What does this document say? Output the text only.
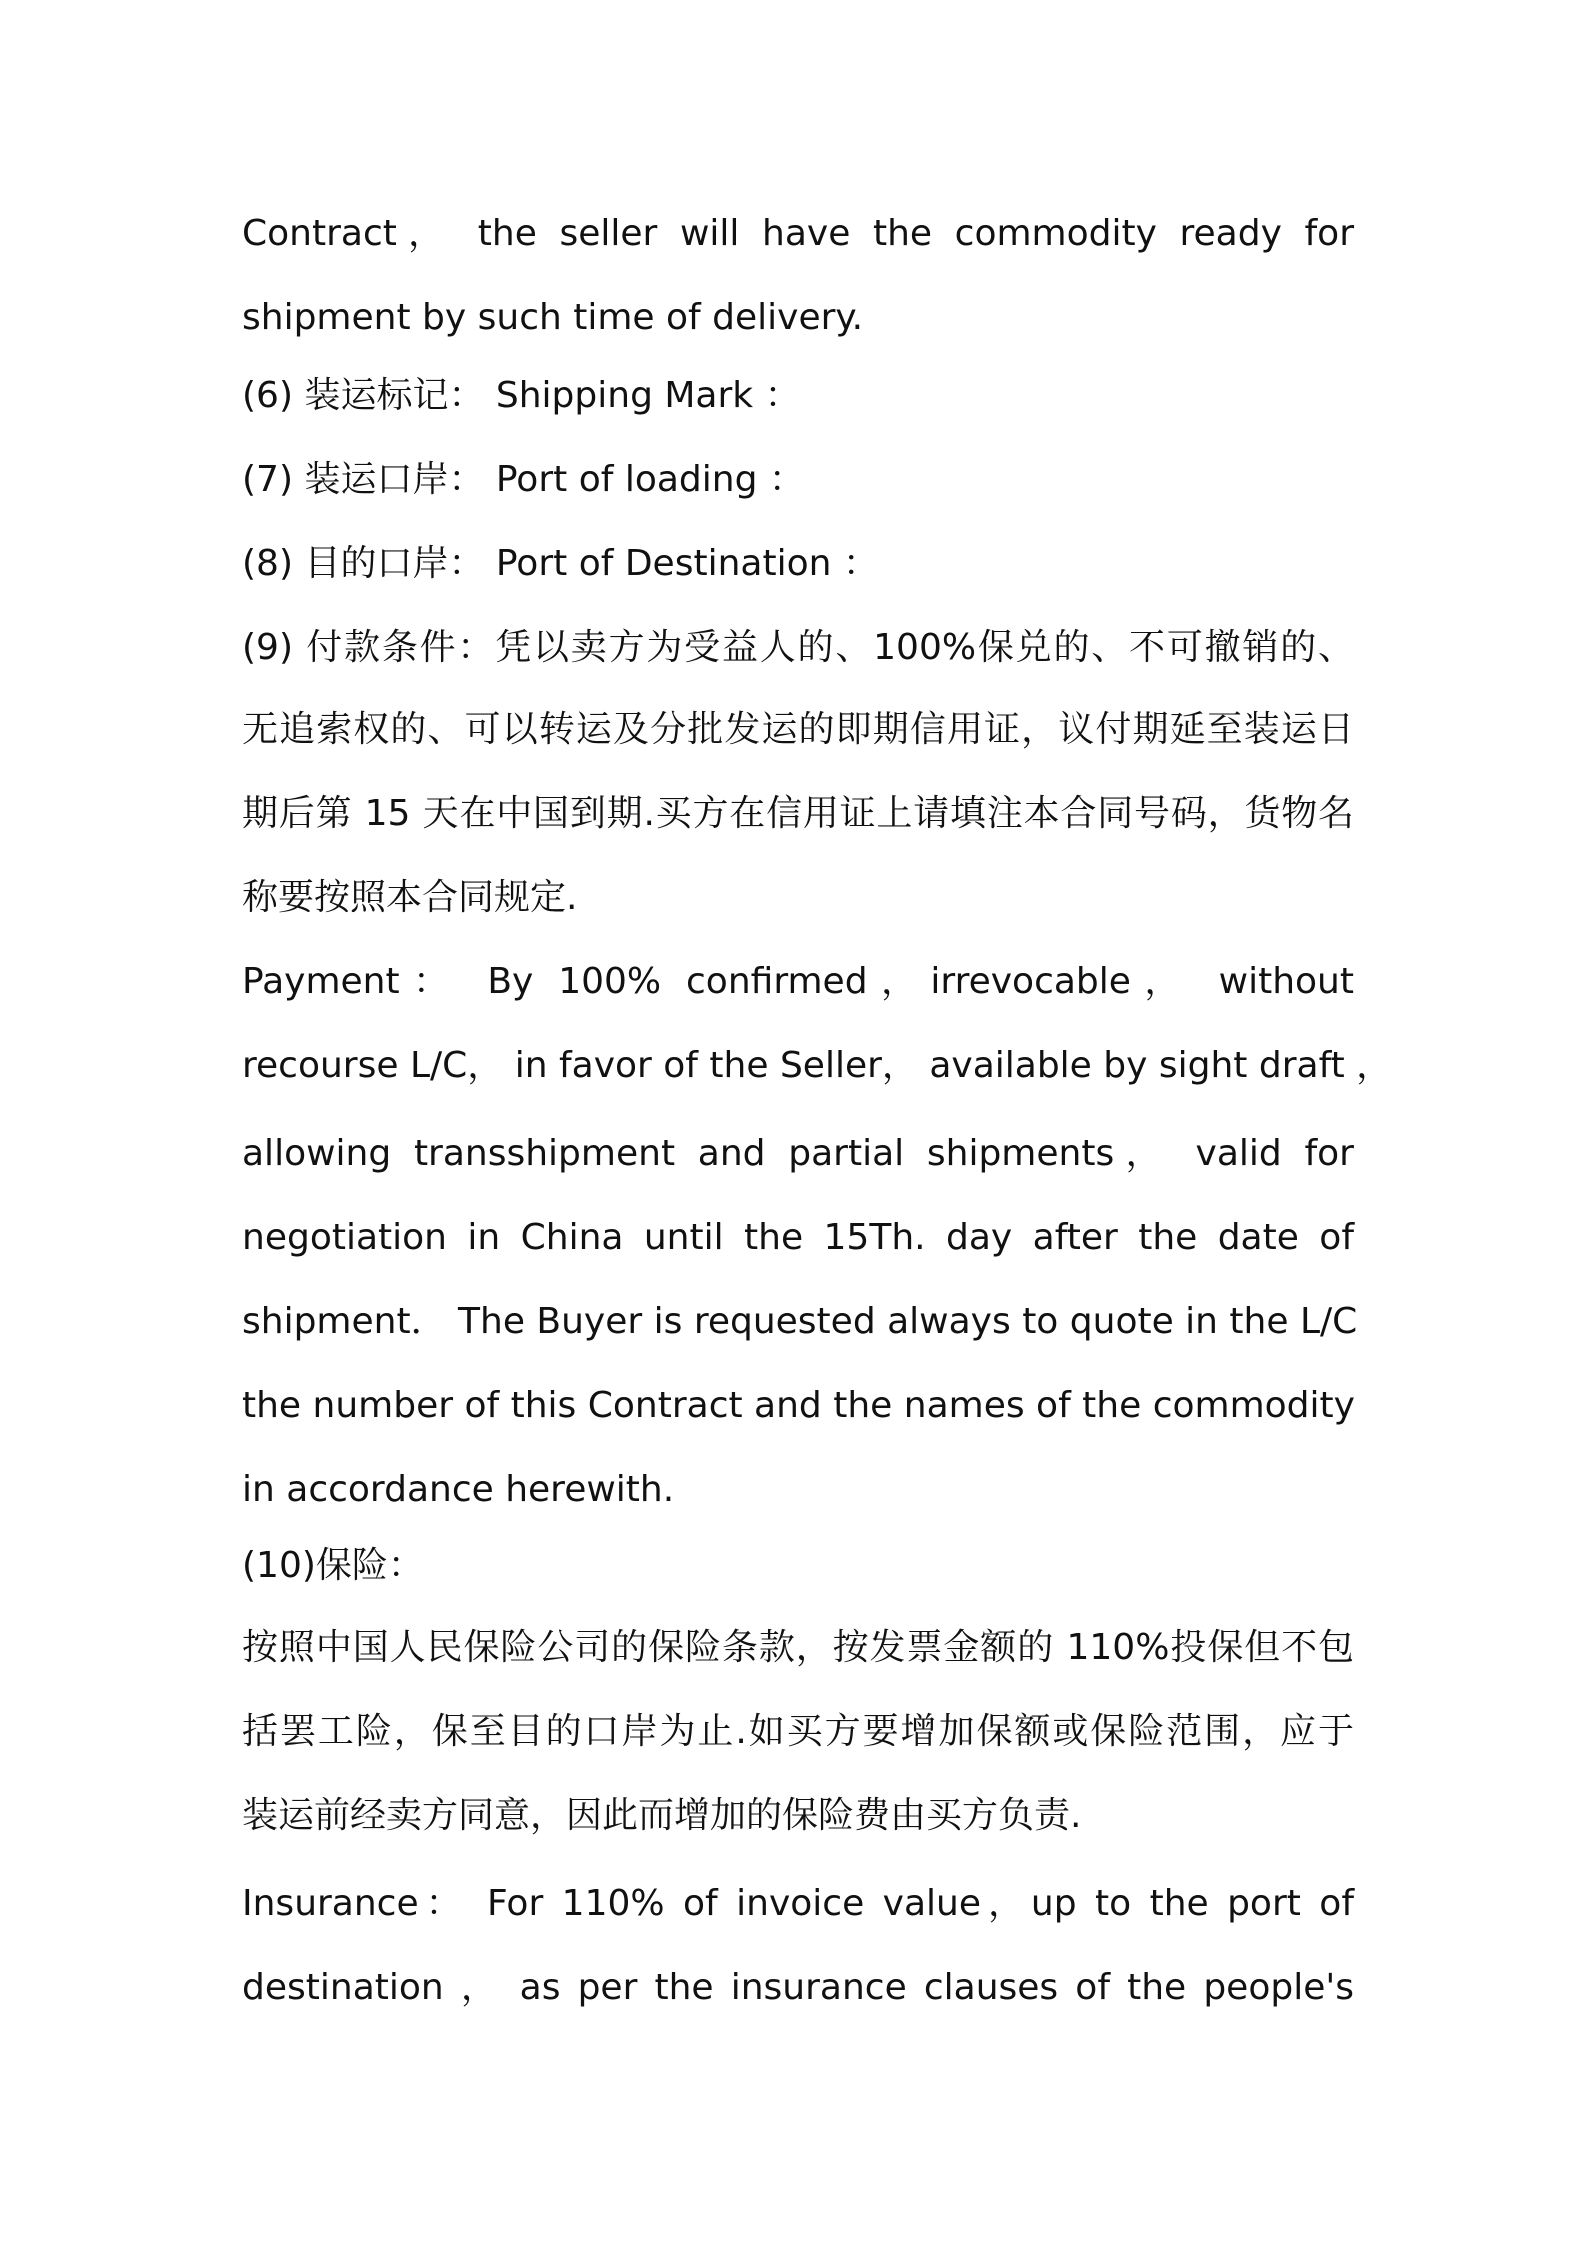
Contract， the seller will have the commodity ready for
shipment by such time of delivery.
(6) 装运标记： Shipping Mark ：
(7) 装运口岸： Port of loading ：
(8) 目的口岸： Port of Destination ：
(9) 付款条件：凭以卖方为受益人的、100%保兑的、不可撤销的、
无追索权的、可以转运及分批发运的即期信用证，议付期延至装运日
期后第 15 天在中国到期.买方在信用证上请填注本合同号码，货物名
称要按照本合同规定.
Payment： By 100% confirmed，irrevocable， without
recourse L/C， in favor of the Seller， available by sight draft ，
allowing transshipment and partial shipments， valid for
negotiation in China until the 15Th. day after the date of
shipment． The Buyer is requested always to quote in the L/C
the number of this Contract and the names of the commodity
in accordance herewith.
(10)保险：
按照中国人民保险公司的保险条款，按发票金额的 110%投保但不包
括罢工险，保至目的口岸为止.如买方要增加保额或保险范围，应于
装运前经卖方同意，因此而增加的保险费由买方负责.
Insurance： For 110% of invoice value，up to the port of
destination ， as per the insurance clauses of the people's
